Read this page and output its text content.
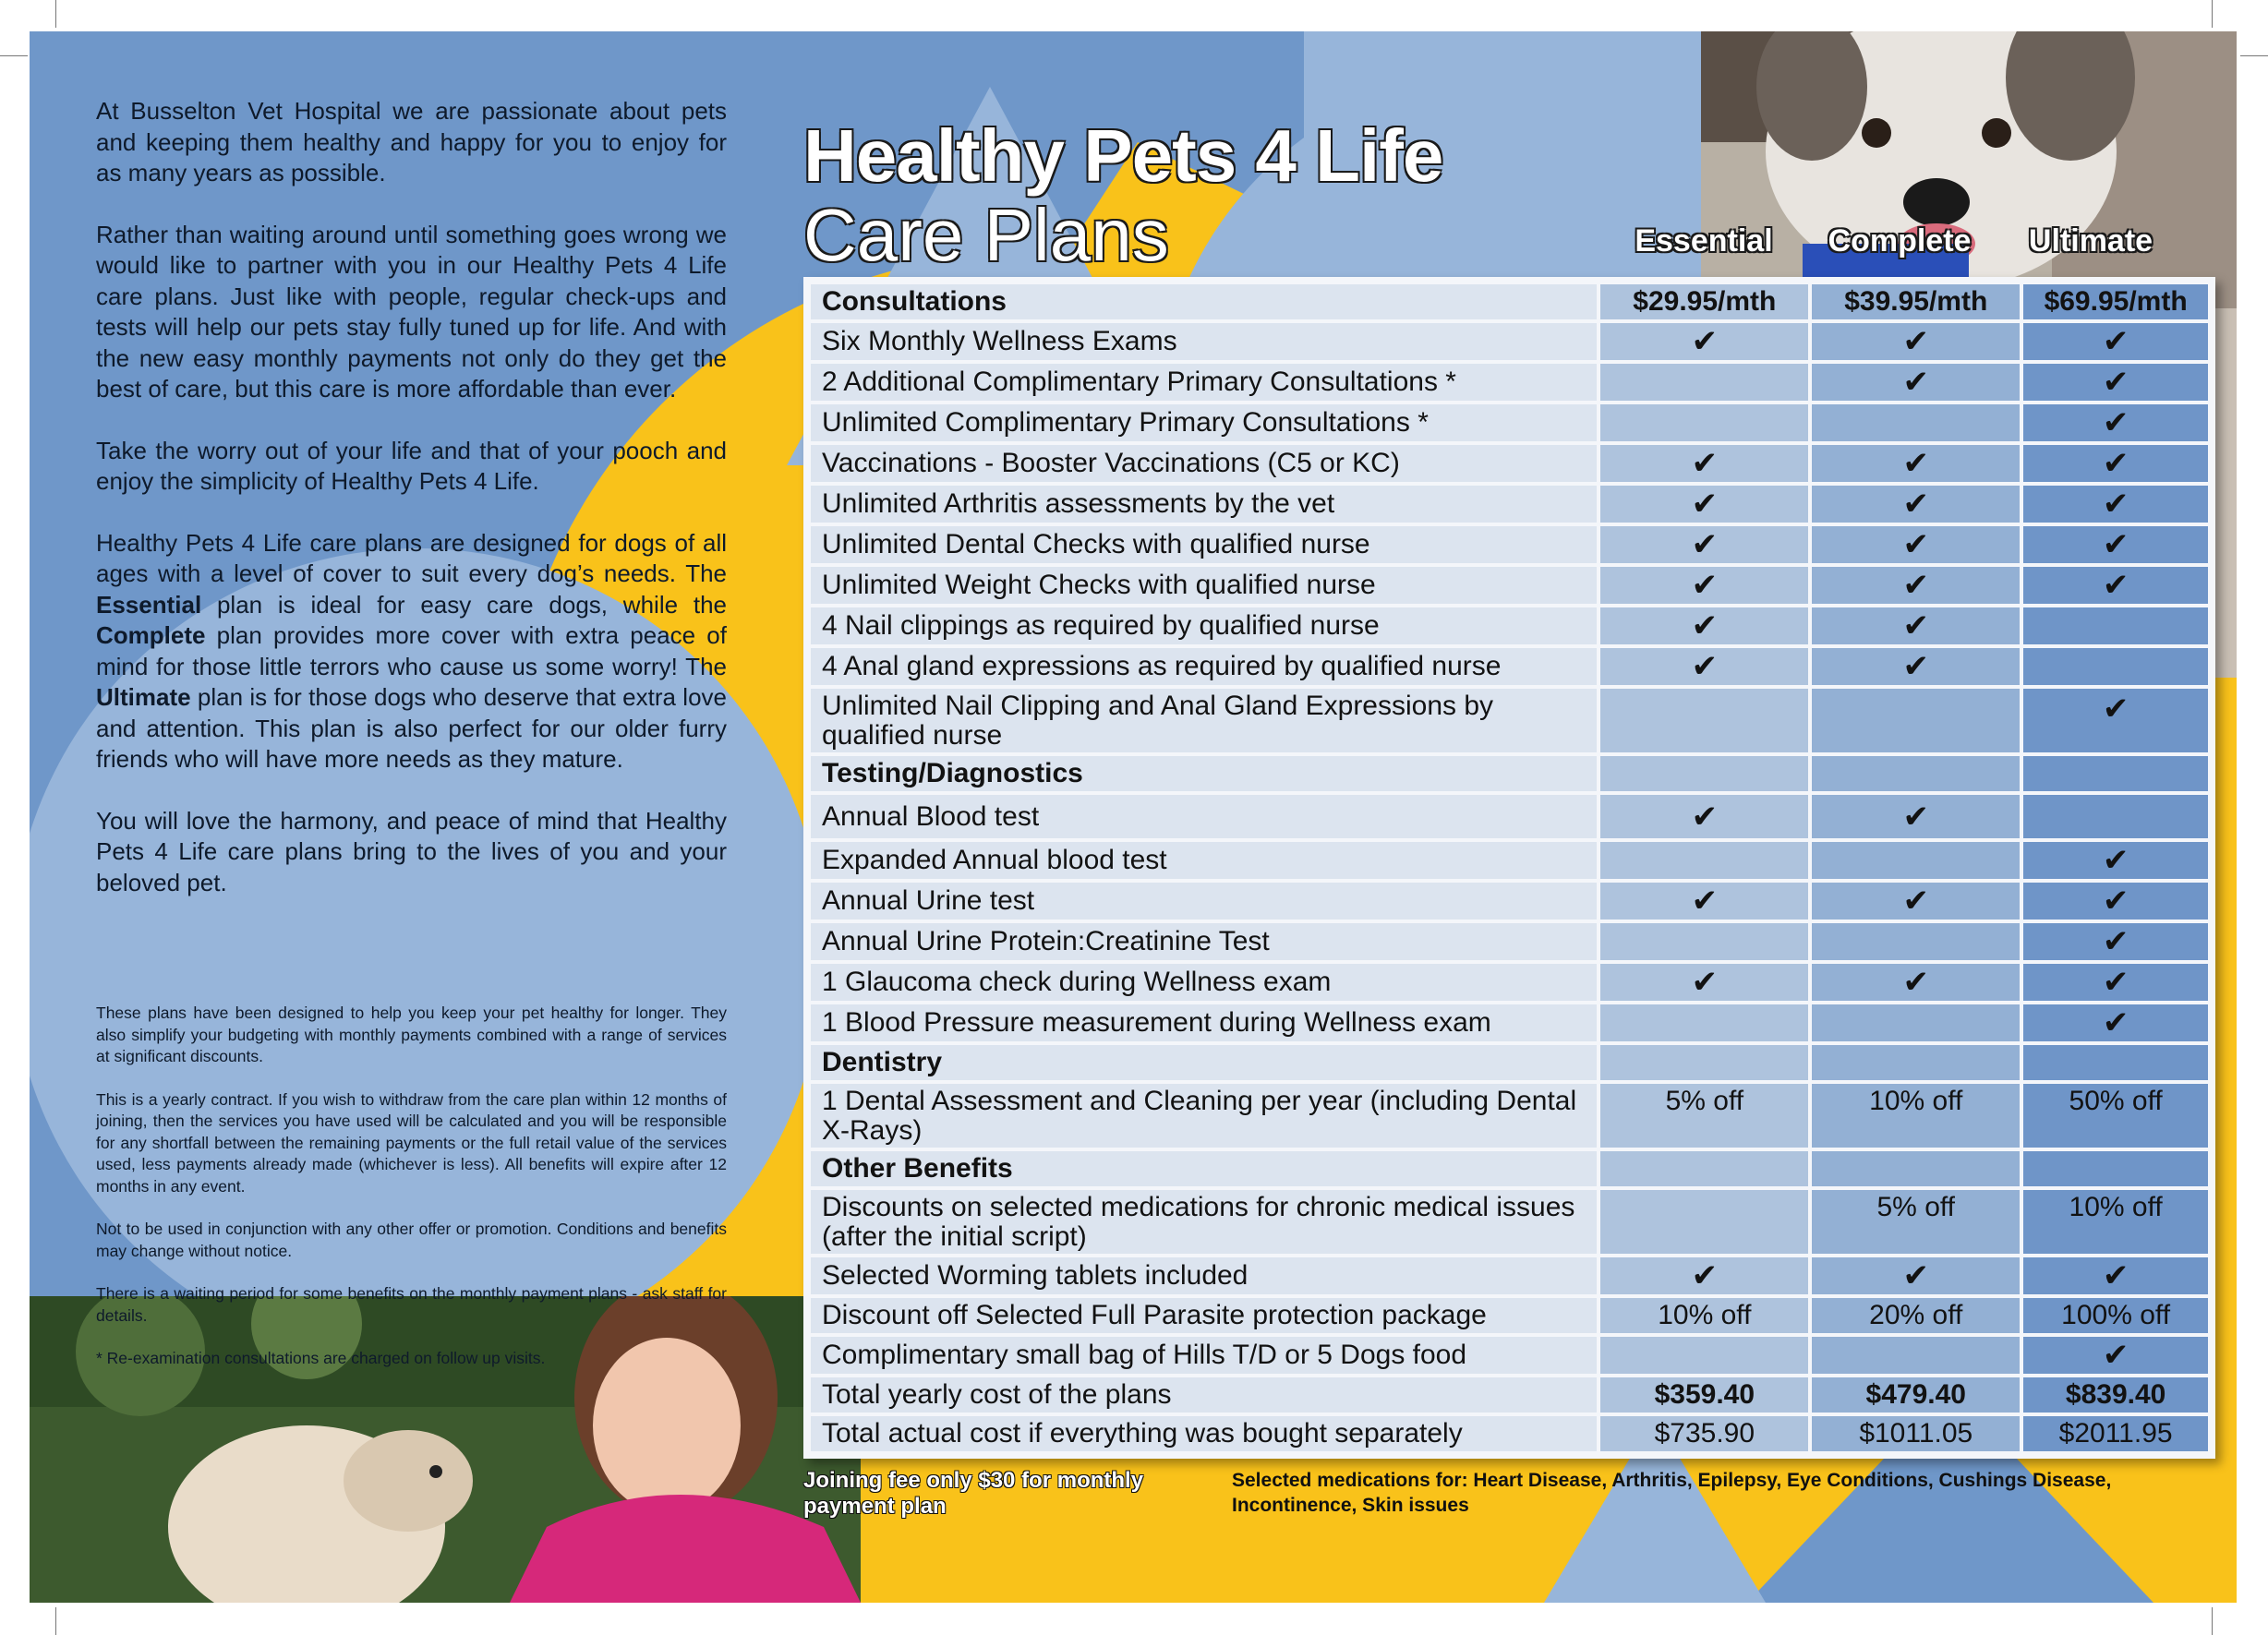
At Busselton Vet Hospital we are passionate about pets and keeping them healthy and happy for you to enjoy for as many years as possible.

Rather than waiting around until something goes wrong we would like to partner with you in our Healthy Pets 4 Life care plans. Just like with people, regular check-ups and tests will help our pets stay fully tuned up for life. And with the new easy monthly payments not only do they get the best of care, but this care is more affordable than ever.

Take the worry out of your life and that of your pooch and enjoy the simplicity of Healthy Pets 4 Life.

Healthy Pets 4 Life care plans are designed for dogs of all ages with a level of cover to suit every dog’s needs. The Essential plan is ideal for easy care dogs, while the Complete plan provides more cover with extra peace of mind for those little terrors who cause us some worry! The Ultimate plan is for those dogs who deserve that extra love and attention. This plan is also perfect for our older furry friends who will have more needs as they mature.

You will love the harmony, and peace of mind that Healthy Pets 4 Life care plans bring to the lives of you and your beloved pet.

These plans have been designed to help you keep your pet healthy for longer. They also simplify your budgeting with monthly payments combined with a range of services at significant discounts.

This is a yearly contract. If you wish to withdraw from the care plan within 12 months of joining, then the services you have used will be calculated and you will be responsible for any shortfall between the remaining payments or the full retail value of the services used, less payments already made (whichever is less). All benefits will expire after 12 months in any event.

Not to be used in conjunction with any other offer or promotion. Conditions and benefits may change without notice.

There is a waiting period for some benefits on the monthly payment plans - ask staff for details.

* Re-examination consultations are charged on follow up visits.

Healthy Pets 4 Life
Care Plans	Essential	Complete	Ultimate
Consultations	$29.95/mth	$39.95/mth	$69.95/mth
Six Monthly Wellness Exams	✔	✔	✔
2 Additional Complimentary Primary Consultations *		✔	✔
Unlimited Complimentary Primary Consultations *			✔
Vaccinations - Booster Vaccinations (C5 or KC)	✔	✔	✔
Unlimited Arthritis assessments by the vet	✔	✔	✔
Unlimited Dental Checks with qualified nurse	✔	✔	✔
Unlimited Weight Checks with qualified nurse	✔	✔	✔
4 Nail clippings as required by qualified nurse	✔	✔	
4 Anal gland expressions as required by qualified nurse	✔	✔	
Unlimited Nail Clipping and Anal Gland Expressions by qualified nurse			✔
Testing/Diagnostics			
Annual Blood test	✔	✔	
Expanded Annual blood test			✔
Annual Urine test	✔	✔	✔
Annual Urine Protein:Creatinine Test			✔
1 Glaucoma check during Wellness exam	✔	✔	✔
1 Blood Pressure measurement during Wellness exam			✔
Dentistry			
1 Dental Assessment and Cleaning per year (including Dental X-Rays)	5% off	10% off	50% off
Other Benefits			
Discounts on selected medications for chronic medical issues (after the initial script)		5% off	10% off
Selected Worming tablets included	✔	✔	✔
Discount off Selected Full Parasite protection package	10% off	20% off	100% off
Complimentary small bag of Hills T/D or 5 Dogs food			✔
Total yearly cost of the plans	$359.40	$479.40	$839.40
Total actual cost if everything was bought separately	$735.90	$1011.05	$2011.95
Joining fee only $30 for monthly payment plan
Selected medications for: Heart Disease, Arthritis, Epilepsy, Eye Conditions, Cushings Disease, Incontinence, Skin issues
